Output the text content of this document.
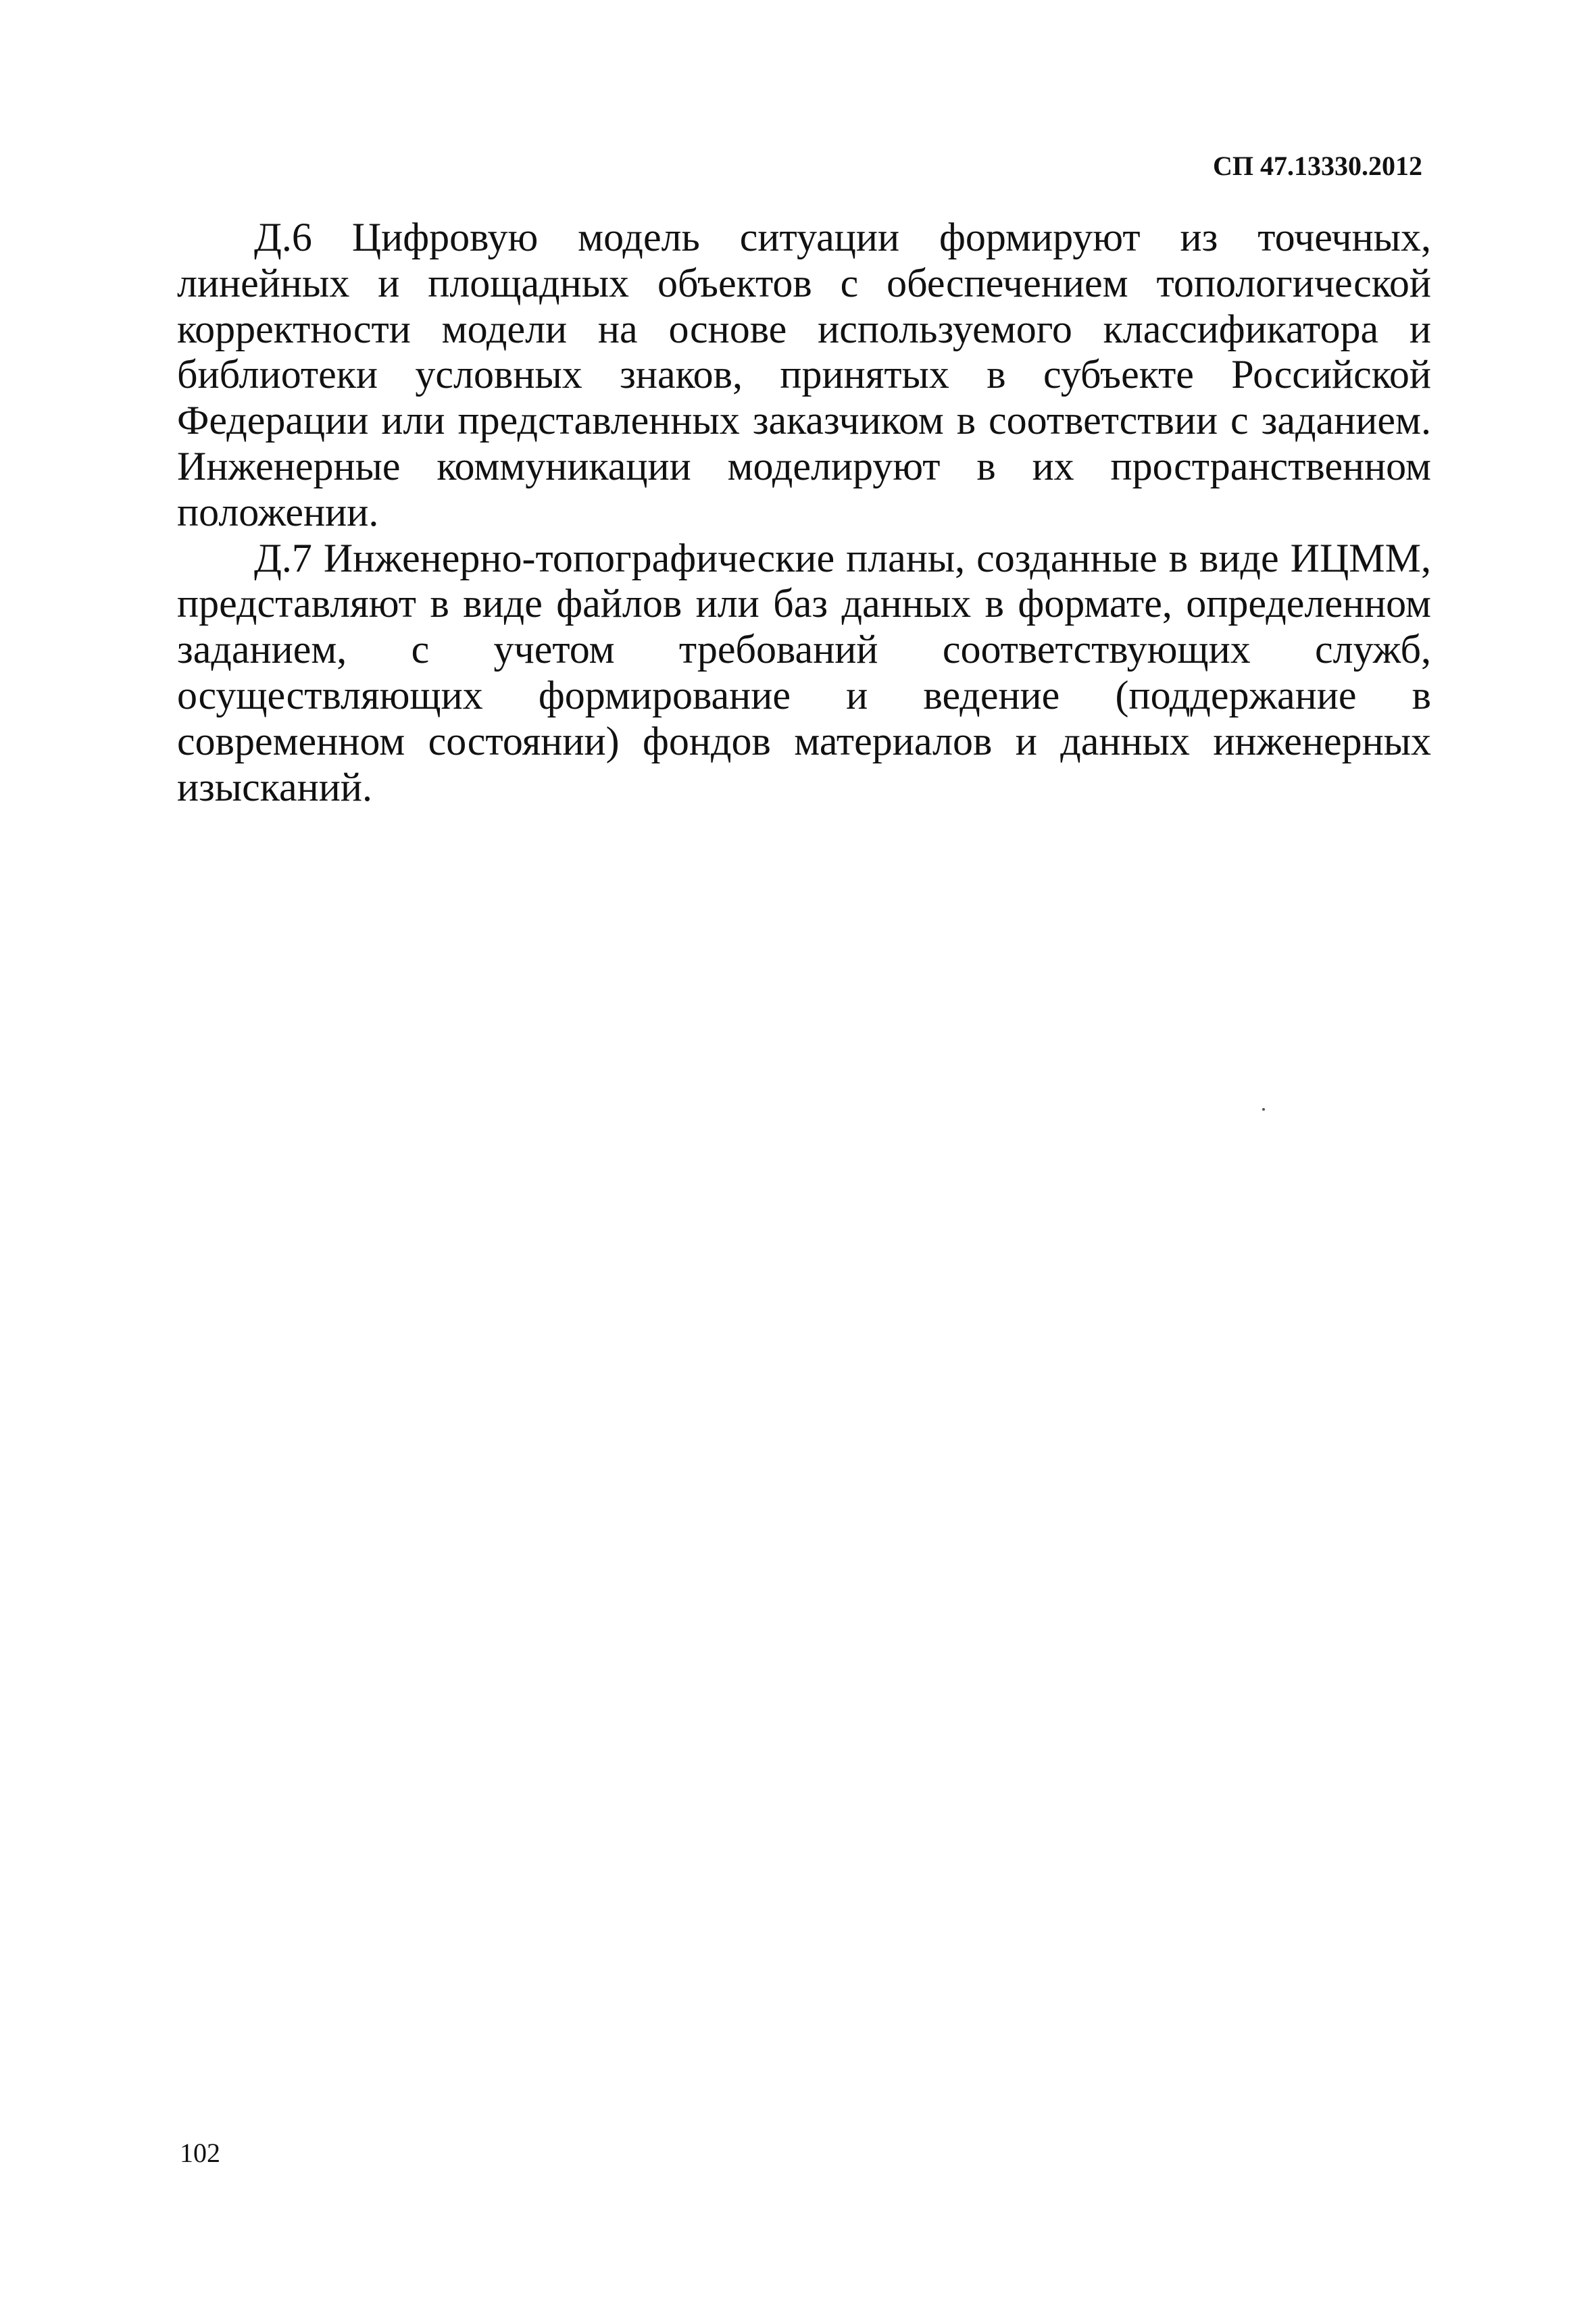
СП 47.13330.2012

Д.6 Цифровую модель ситуации формируют из точечных, линейных и площадных объектов с обеспечением топологической корректности модели на основе используемого классификатора и библиотеки условных знаков, принятых в субъекте Российской Федерации или представленных заказчиком в соответствии с заданием. Инженерные коммуникации моделируют в их пространственном положении.

Д.7 Инженерно-топографические планы, созданные в виде ИЦММ, представляют в виде файлов или баз данных в формате, определенном заданием, с учетом требований соответствующих служб, осуществляющих формирование и ведение (поддержание в современном состоянии) фондов материалов и данных инженерных изысканий.

102
